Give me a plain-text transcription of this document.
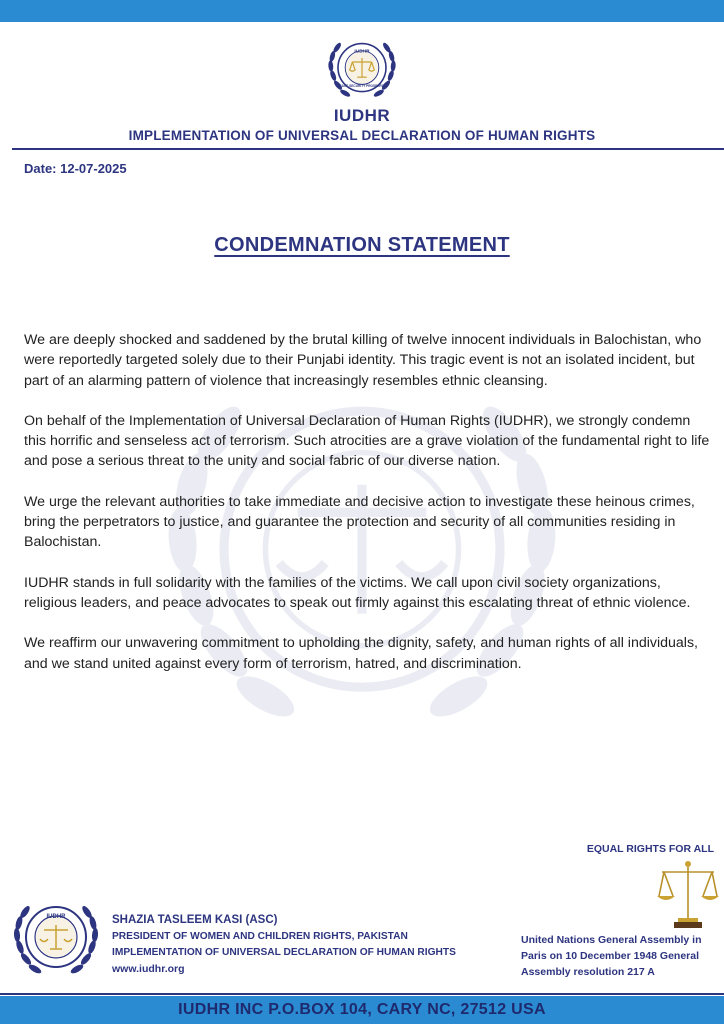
IUDHR
PEACE SECURITY PROSPERITY
IUDHR
IMPLEMENTATION OF UNIVERSAL DECLARATION OF HUMAN RIGHTS
Date: 12-07-2025
CONDEMNATION STATEMENT

We are deeply shocked and saddened by the brutal killing of twelve innocent individuals in Balochistan, who were reportedly targeted solely due to their Punjabi identity. This tragic event is not an isolated incident, but part of an alarming pattern of violence that increasingly resembles ethnic cleansing.

On behalf of the Implementation of Universal Declaration of Human Rights (IUDHR), we strongly condemn this horrific and senseless act of terrorism. Such atrocities are a grave violation of the fundamental right to life and pose a serious threat to the unity and social fabric of our diverse nation.

We urge the relevant authorities to take immediate and decisive action to investigate these heinous crimes, bring the perpetrators to justice, and guarantee the protection and security of all communities residing in Balochistan.

IUDHR stands in full solidarity with the families of the victims. We call upon civil society organizations, religious leaders, and peace advocates to speak out firmly against this escalating threat of ethnic violence.

We reaffirm our unwavering commitment to upholding the dignity, safety, and human rights of all individuals, and we stand united against every form of terrorism, hatred, and discrimination.

EQUAL RIGHTS FOR ALL
United Nations General Assembly in Paris on 10 December 1948 General Assembly resolution 217 A
IUDHR	SHAZIA TASLEEM KASI (ASC)
PRESIDENT OF WOMEN AND CHILDREN RIGHTS, PAKISTAN
IMPLEMENTATION OF UNIVERSAL DECLARATION OF HUMAN RIGHTS
www.iudhr.org
IUDHR INC P.O.BOX 104, CARY NC, 27512 USA
